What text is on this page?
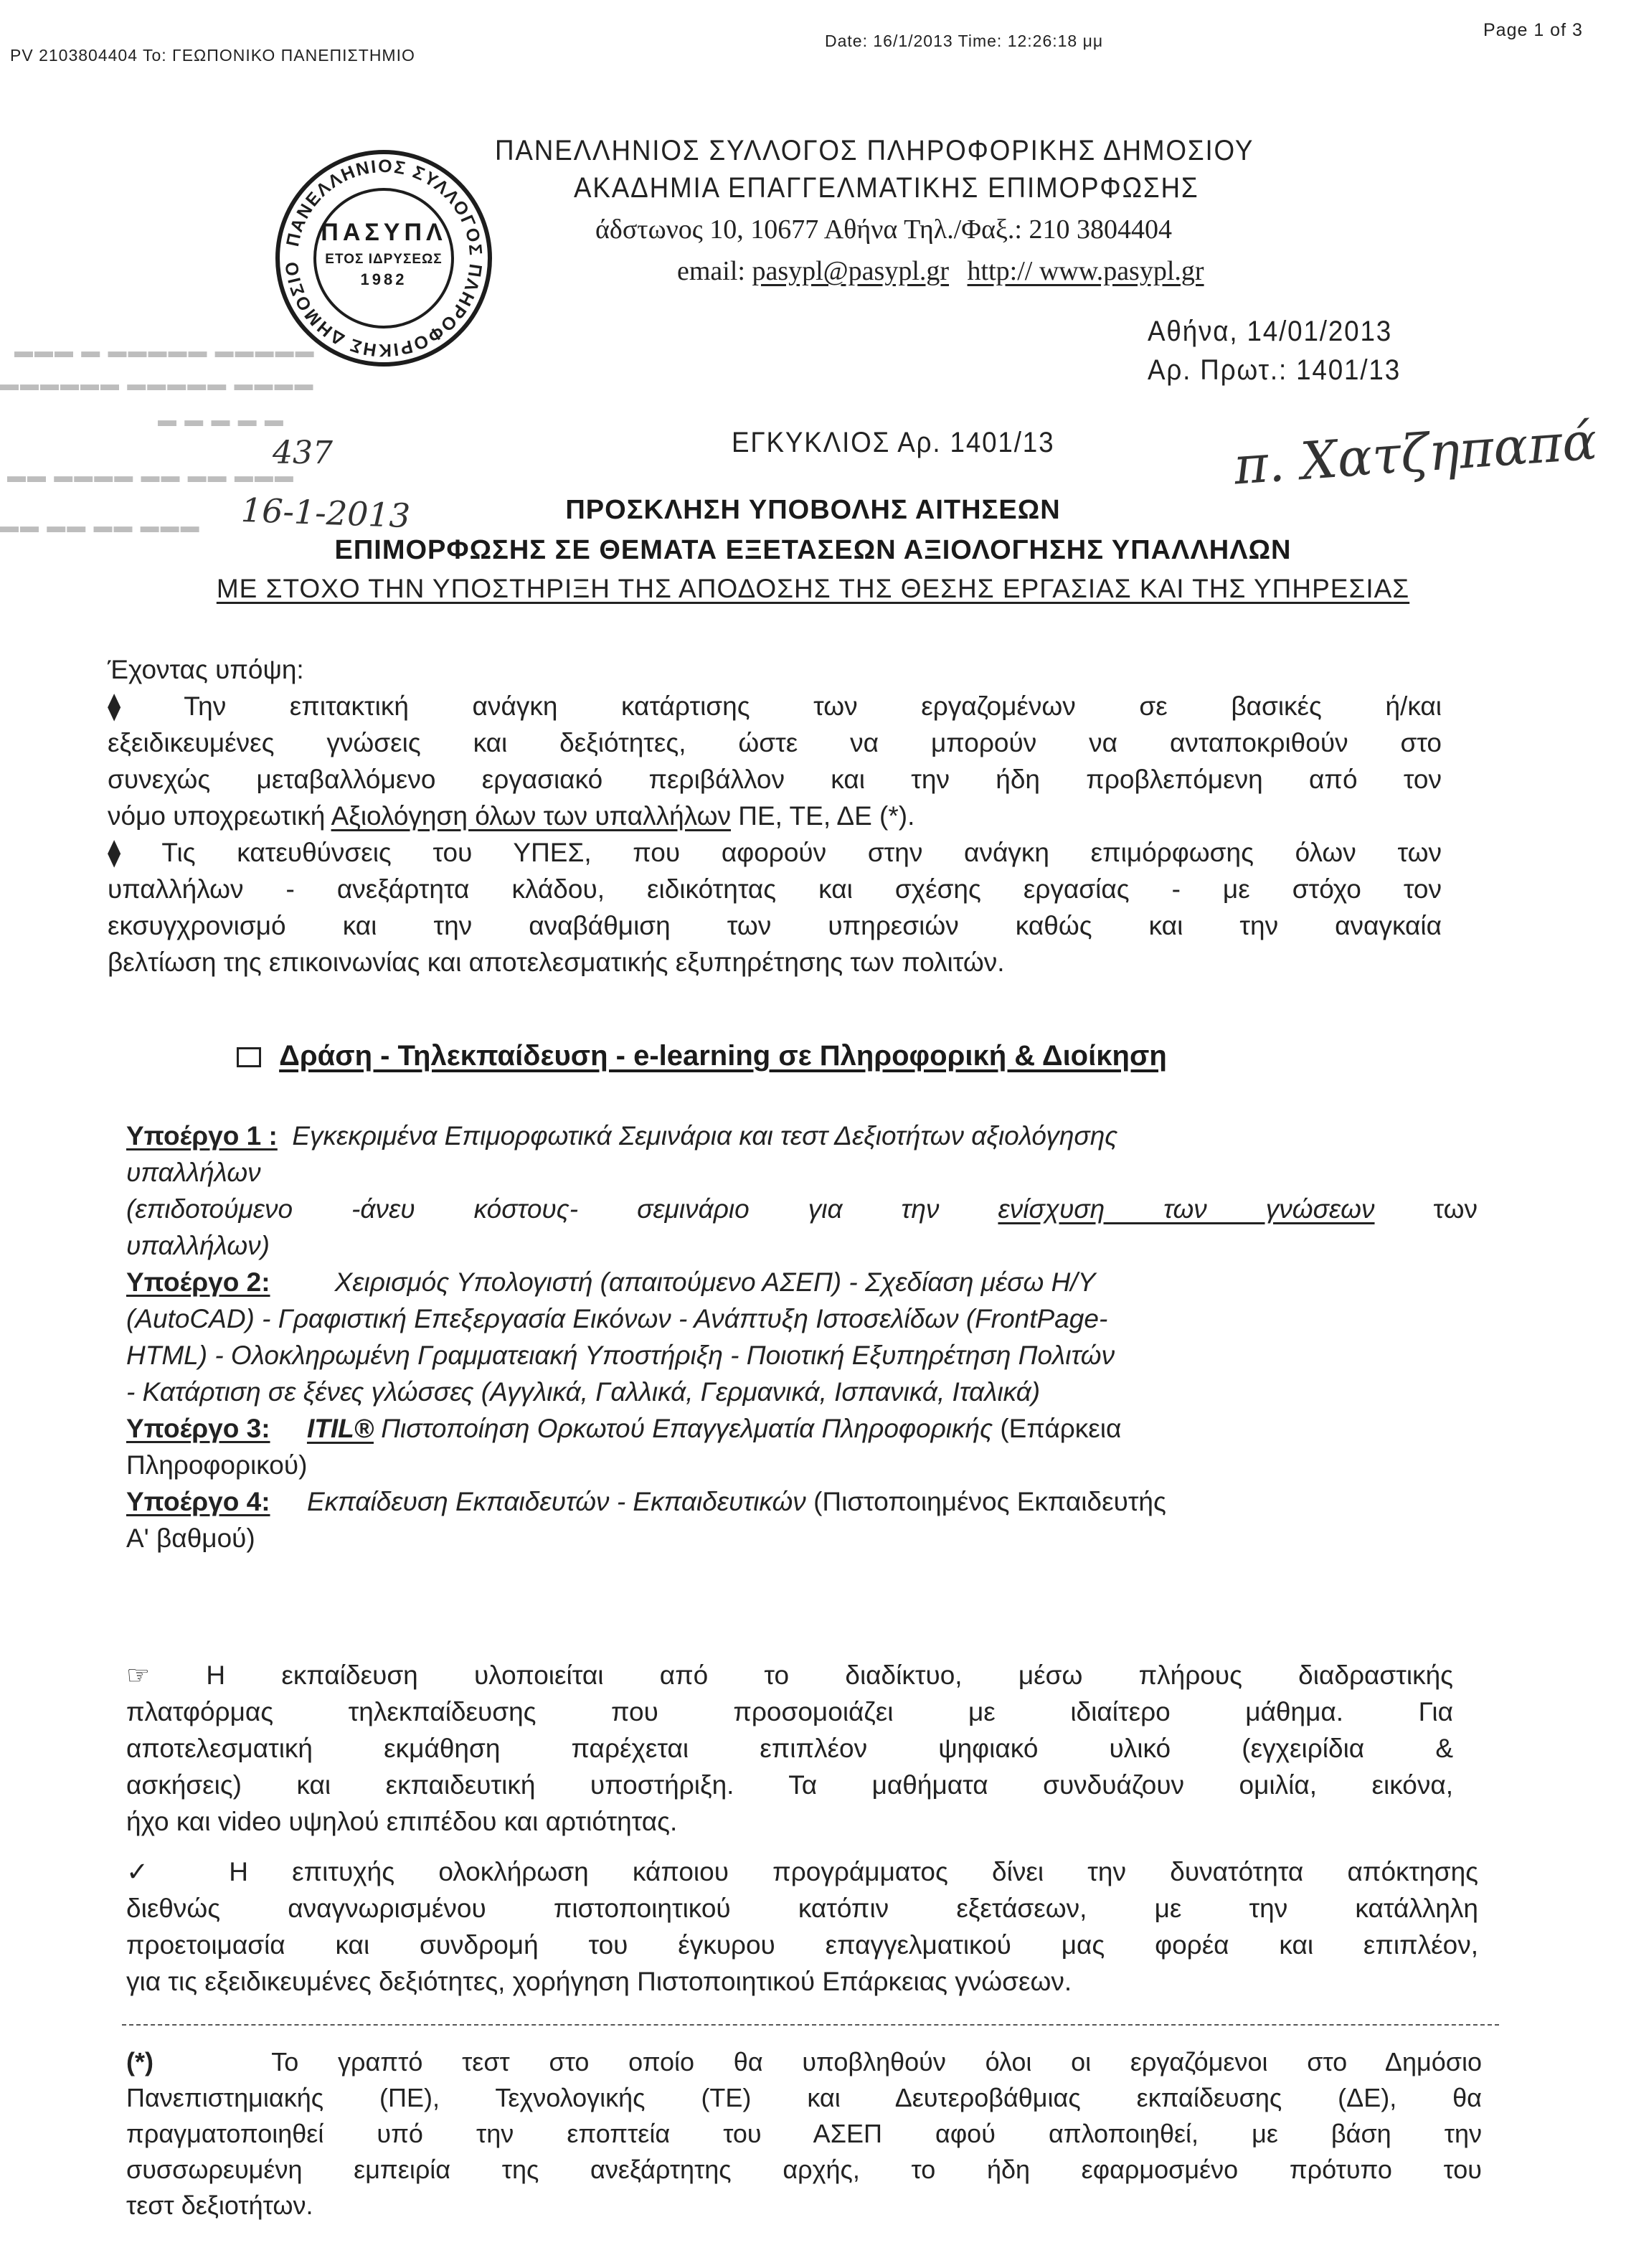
PV 2103804404 To: ΓΕΩΠΟΝΙΚΟ ΠΑΝΕΠΙΣΤΗΜΙΟ
Date: 16/1/2013 Time: 12:26:18 μμ
Page 1 of 3
ΠΑΝΕΛΛΗΝΙΟΣ ΣΥΛΛΟΓΟΣ ΠΛΗΡΟΦΟΡΙΚΗΣ ΔΗΜΟΣΙΟ
ΠΑΣΥΠΛ
ΕΤΟΣ ΙΔΡΥΣΕΩΣ
1982
ΠΑΝΕΛΛΗΝΙΟΣ ΣΥΛΛΟΓΟΣ ΠΛΗΡΟΦΟΡΙΚΗΣ ΔΗΜΟΣΙΟΥ
ΑΚΑΔΗΜΙΑ ΕΠΑΓΓΕΛΜΑΤΙΚΗΣ ΕΠΙΜΟΡΦΩΣΗΣ
άδστωνος 10, 10677 Αθήνα Τηλ./Φαξ.: 210 3804404
email: pasypl@pasypl.gr http:// www.pasypl.gr
▬▬▬ ▬ ▬▬▬▬▬ ▬▬▬▬▬
▬▬▬▬▬▬ ▬▬▬▬▬ ▬▬▬▬
▬ ▬ ▬ ▬ ▬
▬▬ ▬▬▬▬ ▬▬ ▬▬ ▬▬▬
▬▬ ▬▬ ▬▬ ▬▬▬
437
16-1-2013
Αθήνα, 14/01/2013
Αρ. Πρωτ.: 1401/13
π. Χατζηπαπά
ΕΓΚΥΚΛΙΟΣ Αρ. 1401/13
ΠΡΟΣΚΛΗΣΗ ΥΠΟΒΟΛΗΣ ΑΙΤΗΣΕΩΝ
ΕΠΙΜΟΡΦΩΣΗΣ ΣΕ ΘΕΜΑΤΑ ΕΞΕΤΑΣΕΩΝ ΑΞΙΟΛΟΓΗΣΗΣ ΥΠΑΛΛΗΛΩΝ
ΜΕ ΣΤΟΧΟ ΤΗΝ ΥΠΟΣΤΗΡΙΞΗ ΤΗΣ ΑΠΟΔΟΣΗΣ ΤΗΣ ΘΕΣΗΣ ΕΡΓΑΣΙΑΣ ΚΑΙ ΤΗΣ ΥΠΗΡΕΣΙΑΣ
Έχοντας υπόψη:
⧫ Την επιτακτική ανάγκη κατάρτισης των εργαζομένων σε βασικές ή/και
εξειδικευμένες γνώσεις και δεξιότητες, ώστε να μπορούν να ανταποκριθούν στο
συνεχώς μεταβαλλόμενο εργασιακό περιβάλλον και την ήδη προβλεπόμενη από τον
νόμο υποχρεωτική Αξιολόγηση όλων των υπαλλήλων ΠΕ, ΤΕ, ΔΕ (*).
⧫ Τις κατευθύνσεις του ΥΠΕΣ, που αφορούν στην ανάγκη επιμόρφωσης όλων των
υπαλλήλων - ανεξάρτητα κλάδου, ειδικότητας και σχέσης εργασίας - με στόχο τον
εκσυγχρονισμό και την αναβάθμιση των υπηρεσιών καθώς και την αναγκαία
βελτίωση της επικοινωνίας και αποτελεσματικής εξυπηρέτησης των πολιτών.
Δράση - Τηλεκπαίδευση - e-learning σε Πληροφορική & Διοίκηση
Υποέργο 1 : Εγκεκριμένα Επιμορφωτικά Σεμινάρια και τεστ Δεξιοτήτων αξιολόγησης
υπαλλήλων
(επιδοτούμενο -άνευ κόστους- σεμινάριο για την ενίσχυση των γνώσεων των
υπαλλήλων)
Υποέργο 2: Χειρισμός Υπολογιστή (απαιτούμενο ΑΣΕΠ) - Σχεδίαση μέσω Η/Υ
(AutoCAD) - Γραφιστική Επεξεργασία Εικόνων - Ανάπτυξη Ιστοσελίδων (FrontPage-
HTML) - Ολοκληρωμένη Γραμματειακή Υποστήριξη - Ποιοτική Εξυπηρέτηση Πολιτών
- Κατάρτιση σε ξένες γλώσσες (Αγγλικά, Γαλλικά, Γερμανικά, Ισπανικά, Ιταλικά)
Υποέργο 3: ITIL® Πιστοποίηση Ορκωτού Επαγγελματία Πληροφορικής (Επάρκεια
Πληροφορικού)
Υποέργο 4: Εκπαίδευση Εκπαιδευτών - Εκπαιδευτικών (Πιστοποιημένος Εκπαιδευτής
Α' βαθμού)
☞ Η εκπαίδευση υλοποιείται από το διαδίκτυο, μέσω πλήρους διαδραστικής
πλατφόρμας τηλεκπαίδευσης που προσομοιάζει με ιδιαίτερο μάθημα. Για
αποτελεσματική εκμάθηση παρέχεται επιπλέον ψηφιακό υλικό (εγχειρίδια &
ασκήσεις) και εκπαιδευτική υποστήριξη. Τα μαθήματα συνδυάζουν ομιλία, εικόνα,
ήχο και video υψηλού επιπέδου και αρτιότητας.
✓ Η επιτυχής ολοκλήρωση κάποιου προγράμματος δίνει την δυνατότητα απόκτησης
διεθνώς αναγνωρισμένου πιστοποιητικού κατόπιν εξετάσεων, με την κατάλληλη
προετοιμασία και συνδρομή του έγκυρου επαγγελματικού μας φορέα και επιπλέον,
για τις εξειδικευμένες δεξιότητες, χορήγηση Πιστοποιητικού Επάρκειας γνώσεων.
(*)	Το γραπτό τεστ στο οποίο θα υποβληθούν όλοι οι εργαζόμενοι στο Δημόσιο
Πανεπιστημιακής (ΠΕ), Τεχνολογικής (ΤΕ) και Δευτεροβάθμιας εκπαίδευσης (ΔΕ), θα
πραγματοποιηθεί υπό την εποπτεία του ΑΣΕΠ αφού απλοποιηθεί, με βάση την
συσσωρευμένη εμπειρία της ανεξάρτητης αρχής, το ήδη εφαρμοσμένο πρότυπο του
τεστ δεξιοτήτων.
